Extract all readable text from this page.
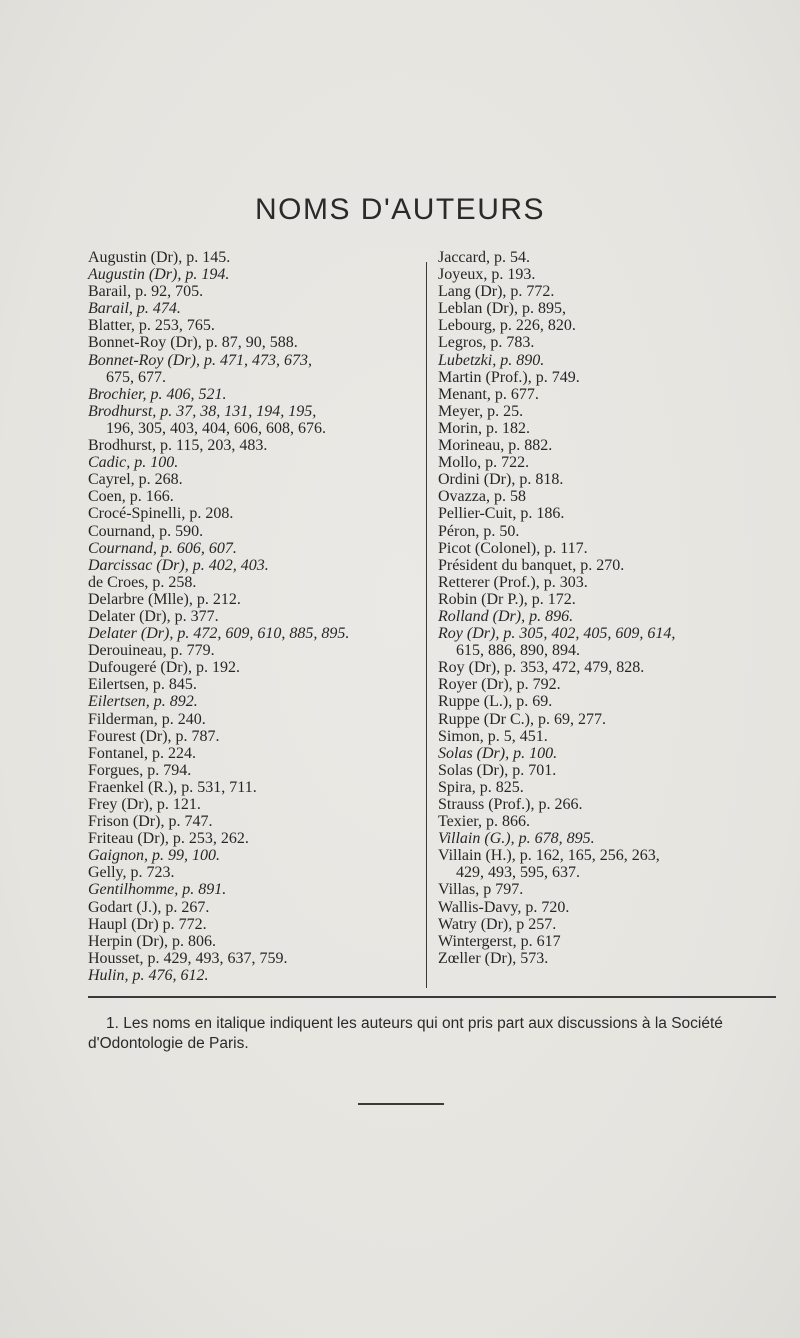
NOMS D'AUTEURS
Augustin (Dr), p. 145.
Augustin (Dr), p. 194.
Barail, p. 92, 705.
Barail, p. 474.
Blatter, p. 253, 765.
Bonnet-Roy (Dr), p. 87, 90, 588.
Bonnet-Roy (Dr), p. 471, 473, 673,
675, 677.
Brochier, p. 406, 521.
Brodhurst, p. 37, 38, 131, 194, 195,
196, 305, 403, 404, 606, 608, 676.
Brodhurst, p. 115, 203, 483.
Cadic, p. 100.
Cayrel, p. 268.
Coen, p. 166.
Crocé-Spinelli, p. 208.
Cournand, p. 590.
Cournand, p. 606, 607.
Darcissac (Dr), p. 402, 403.
de Croes, p. 258.
Delarbre (Mlle), p. 212.
Delater (Dr), p. 377.
Delater (Dr), p. 472, 609, 610, 885, 895.
Derouineau, p. 779.
Dufougeré (Dr), p. 192.
Eilertsen, p. 845.
Eilertsen, p. 892.
Filderman, p. 240.
Fourest (Dr), p. 787.
Fontanel, p. 224.
Forgues, p. 794.
Fraenkel (R.), p. 531, 711.
Frey (Dr), p. 121.
Frison (Dr), p. 747.
Friteau (Dr), p. 253, 262.
Gaignon, p. 99, 100.
Gelly, p. 723.
Gentilhomme, p. 891.
Godart (J.), p. 267.
Haupl (Dr) p. 772.
Herpin (Dr), p. 806.
Housset, p. 429, 493, 637, 759.
Hulin, p. 476, 612.
Jaccard, p. 54.
Joyeux, p. 193.
Lang (Dr), p. 772.
Leblan (Dr), p. 895,
Lebourg, p. 226, 820.
Legros, p. 783.
Lubetzki, p. 890.
Martin (Prof.), p. 749.
Menant, p. 677.
Meyer, p. 25.
Morin, p. 182.
Morineau, p. 882.
Mollo, p. 722.
Ordini (Dr), p. 818.
Ovazza, p. 58
Pellier-Cuit, p. 186.
Péron, p. 50.
Picot (Colonel), p. 117.
Président du banquet, p. 270.
Retterer (Prof.), p. 303.
Robin (Dr P.), p. 172.
Rolland (Dr), p. 896.
Roy (Dr), p. 305, 402, 405, 609, 614,
615, 886, 890, 894.
Roy (Dr), p. 353, 472, 479, 828.
Royer (Dr), p. 792.
Ruppe (L.), p. 69.
Ruppe (Dr C.), p. 69, 277.
Simon, p. 5, 451.
Solas (Dr), p. 100.
Solas (Dr), p. 701.
Spira, p. 825.
Strauss (Prof.), p. 266.
Texier, p. 866.
Villain (G.), p. 678, 895.
Villain (H.), p. 162, 165, 256, 263,
429, 493, 595, 637.
Villas, p 797.
Wallis-Davy, p. 720.
Watry (Dr), p 257.
Wintergerst, p. 617
Zœller (Dr), 573.
1. Les noms en italique indiquent les auteurs qui ont pris part aux discussions à la Société d'Odontologie de Paris.
